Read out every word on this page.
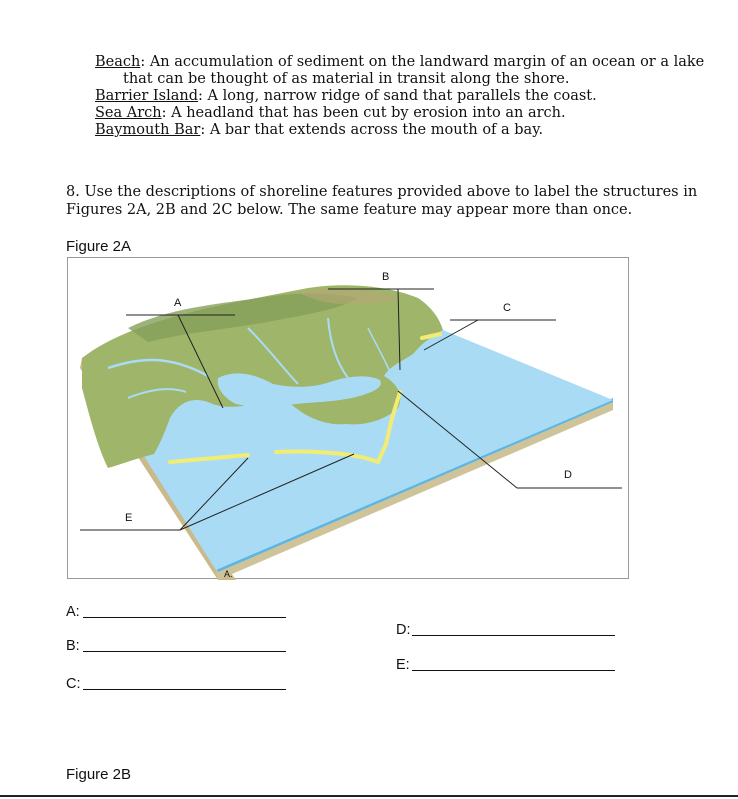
Beach: An accumulation of sediment on the landward margin of an ocean or a lake
that can be thought of as material in transit along the shore.
Barrier Island: A long, narrow ridge of sand that parallels the coast.
Sea Arch: A headland that has been cut by erosion into an arch.
Baymouth Bar: A bar that extends across the mouth of a bay.
8. Use the descriptions of shoreline features provided above to label the structures in
Figures 2A, 2B and 2C below. The same feature may appear more than once.
Figure 2A
A
B
C
D
E
A.
A:
B:
C:
D:
E:
Figure 2B
